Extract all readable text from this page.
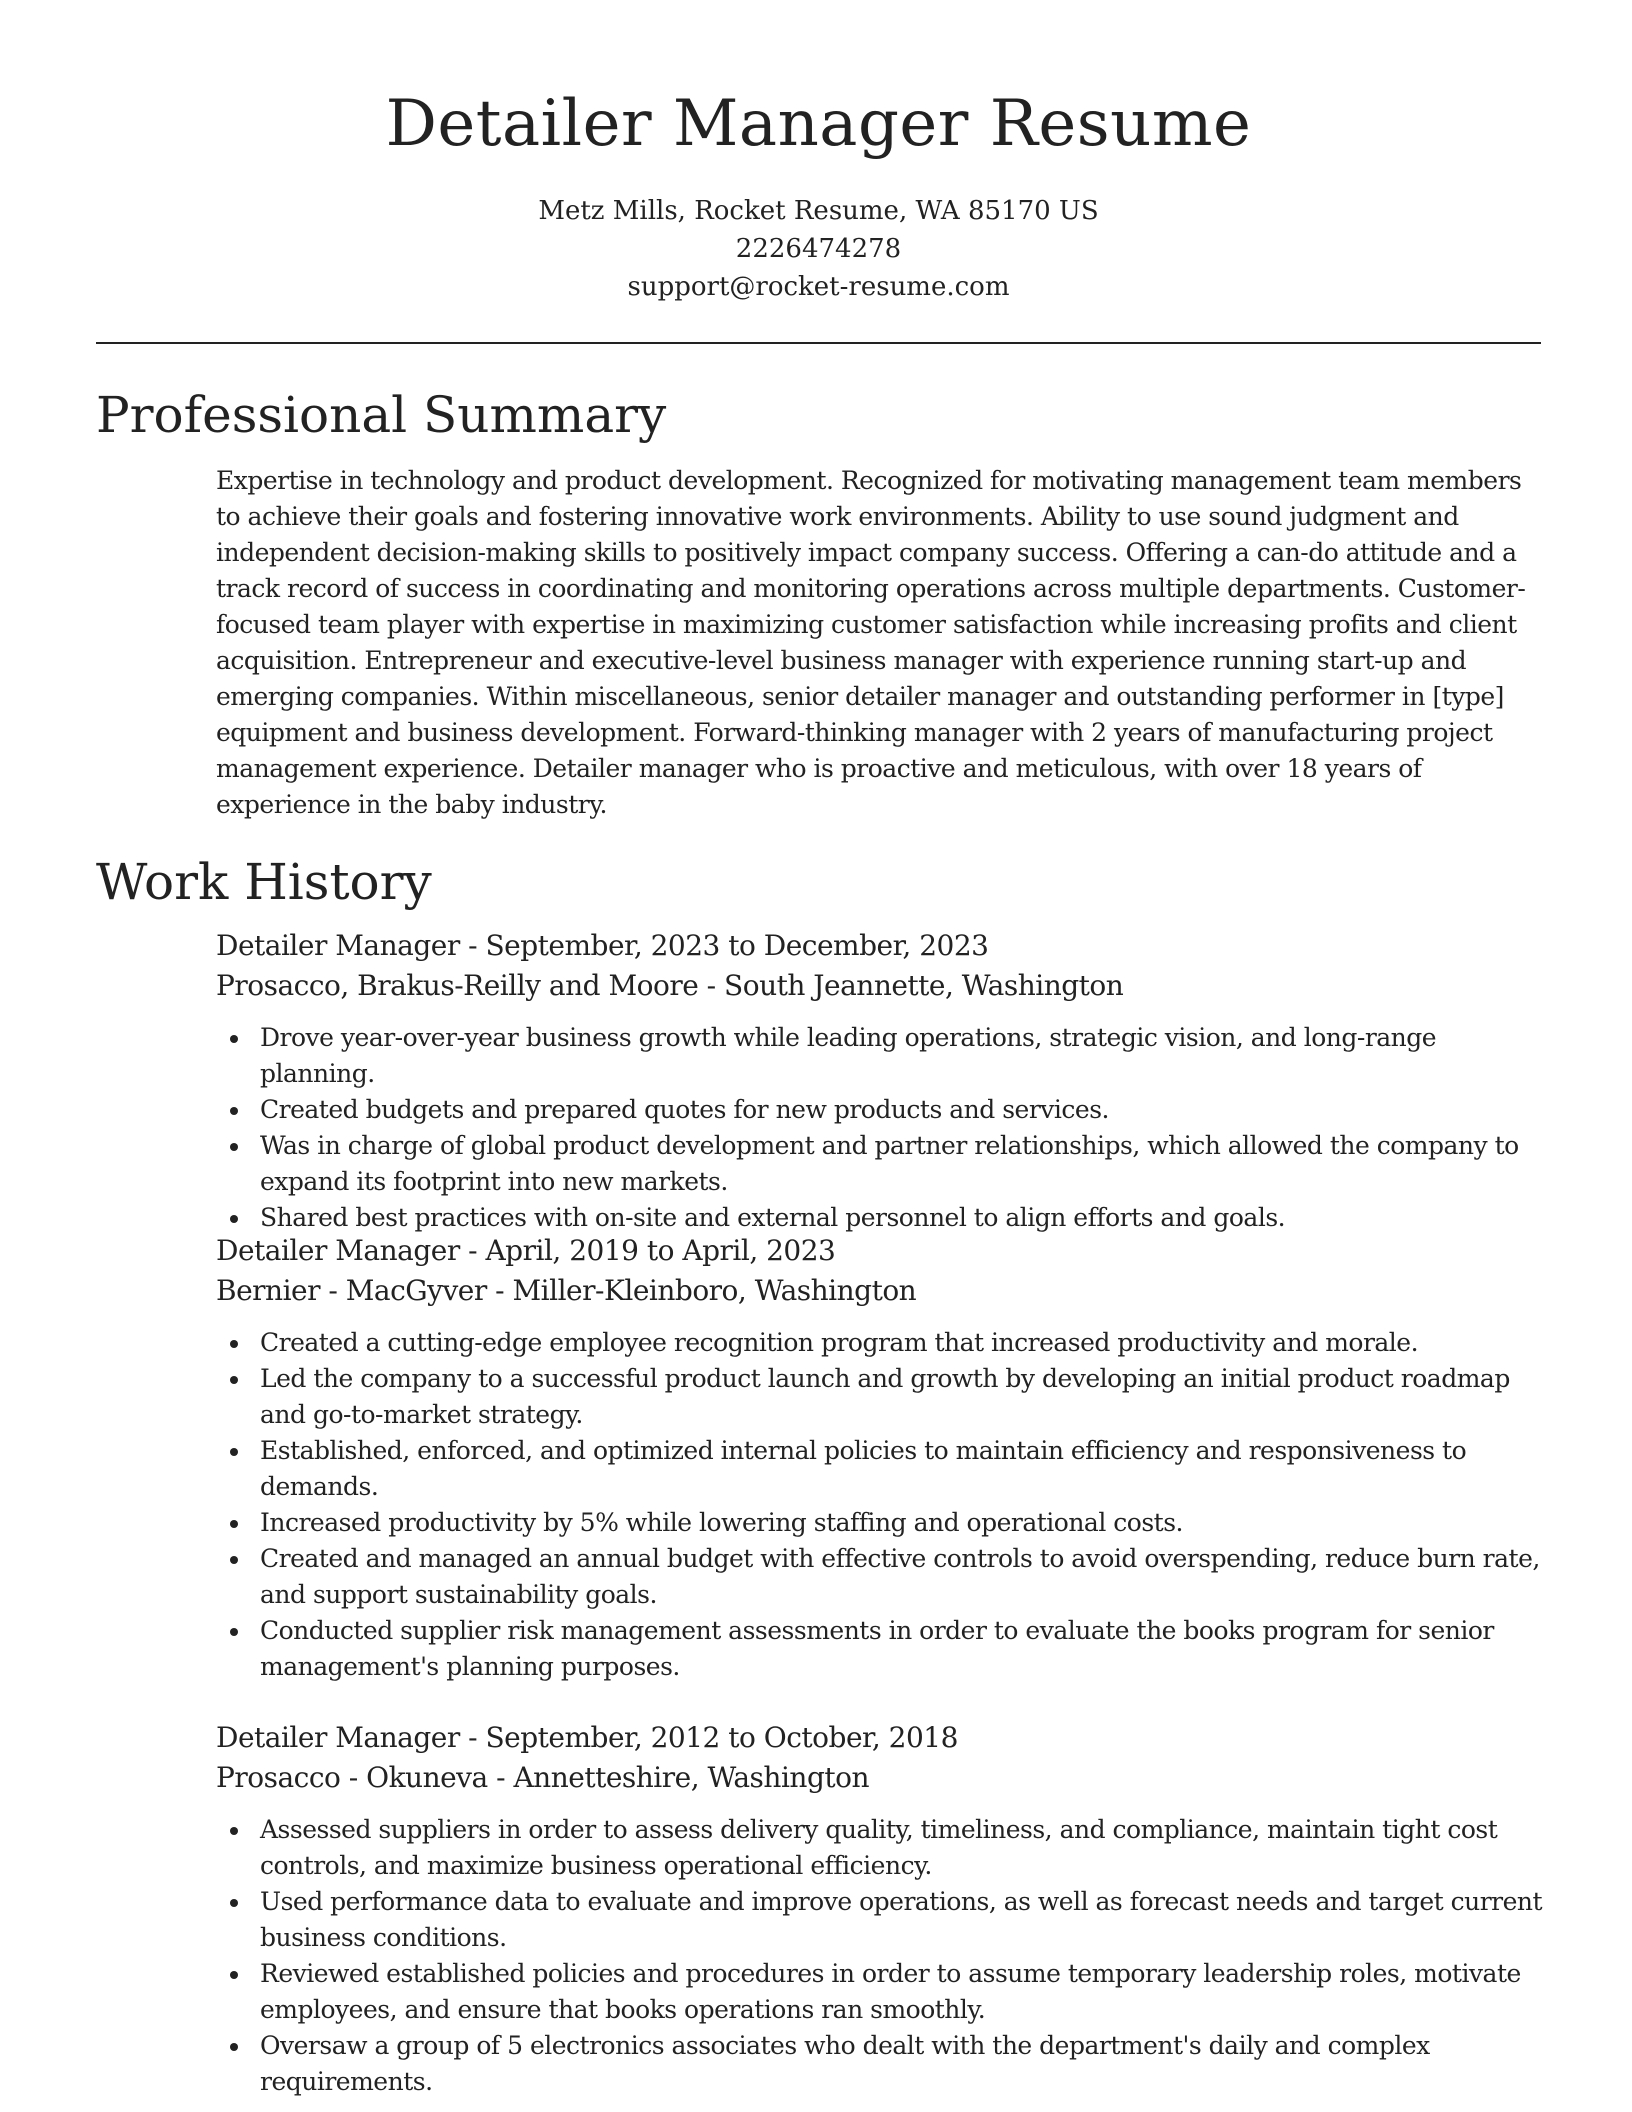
Detailer Manager Resume

Metz Mills, Rocket Resume, WA 85170 US

2226474278

support@rocket-resume.com

Professional Summary

Expertise in technology and product development. Recognized for motivating management team members to achieve their goals and fostering innovative work environments. Ability to use sound judgment and independent decision-making skills to positively impact company success. Offering a can-do attitude and a track record of success in coordinating and monitoring operations across multiple departments. Customer-focused team player with expertise in maximizing customer satisfaction while increasing profits and client acquisition. Entrepreneur and executive-level business manager with experience running start-up and emerging companies. Within miscellaneous, senior detailer manager and outstanding performer in [type] equipment and business development. Forward-thinking manager with 2 years of manufacturing project management experience. Detailer manager who is proactive and meticulous, with over 18 years of experience in the baby industry.

Work History

Detailer Manager - September, 2023 to December, 2023

Prosacco, Brakus-Reilly and Moore - South Jeannette, Washington

Drove year-over-year business growth while leading operations, strategic vision, and long-range planning.
Created budgets and prepared quotes for new products and services.
Was in charge of global product development and partner relationships, which allowed the company to expand its footprint into new markets.
Shared best practices with on-site and external personnel to align efforts and goals.

Detailer Manager - April, 2019 to April, 2023

Bernier - MacGyver - Miller-Kleinboro, Washington

Created a cutting-edge employee recognition program that increased productivity and morale.
Led the company to a successful product launch and growth by developing an initial product roadmap and go-to-market strategy.
Established, enforced, and optimized internal policies to maintain efficiency and responsiveness to demands.
Increased productivity by 5% while lowering staffing and operational costs.
Created and managed an annual budget with effective controls to avoid overspending, reduce burn rate, and support sustainability goals.
Conducted supplier risk management assessments in order to evaluate the books program for senior management's planning purposes.

Detailer Manager - September, 2012 to October, 2018

Prosacco - Okuneva - Annetteshire, Washington

Assessed suppliers in order to assess delivery quality, timeliness, and compliance, maintain tight cost controls, and maximize business operational efficiency.
Used performance data to evaluate and improve operations, as well as forecast needs and target current business conditions.
Reviewed established policies and procedures in order to assume temporary leadership roles, motivate employees, and ensure that books operations ran smoothly.
Oversaw a group of 5 electronics associates who dealt with the department's daily and complex requirements.
